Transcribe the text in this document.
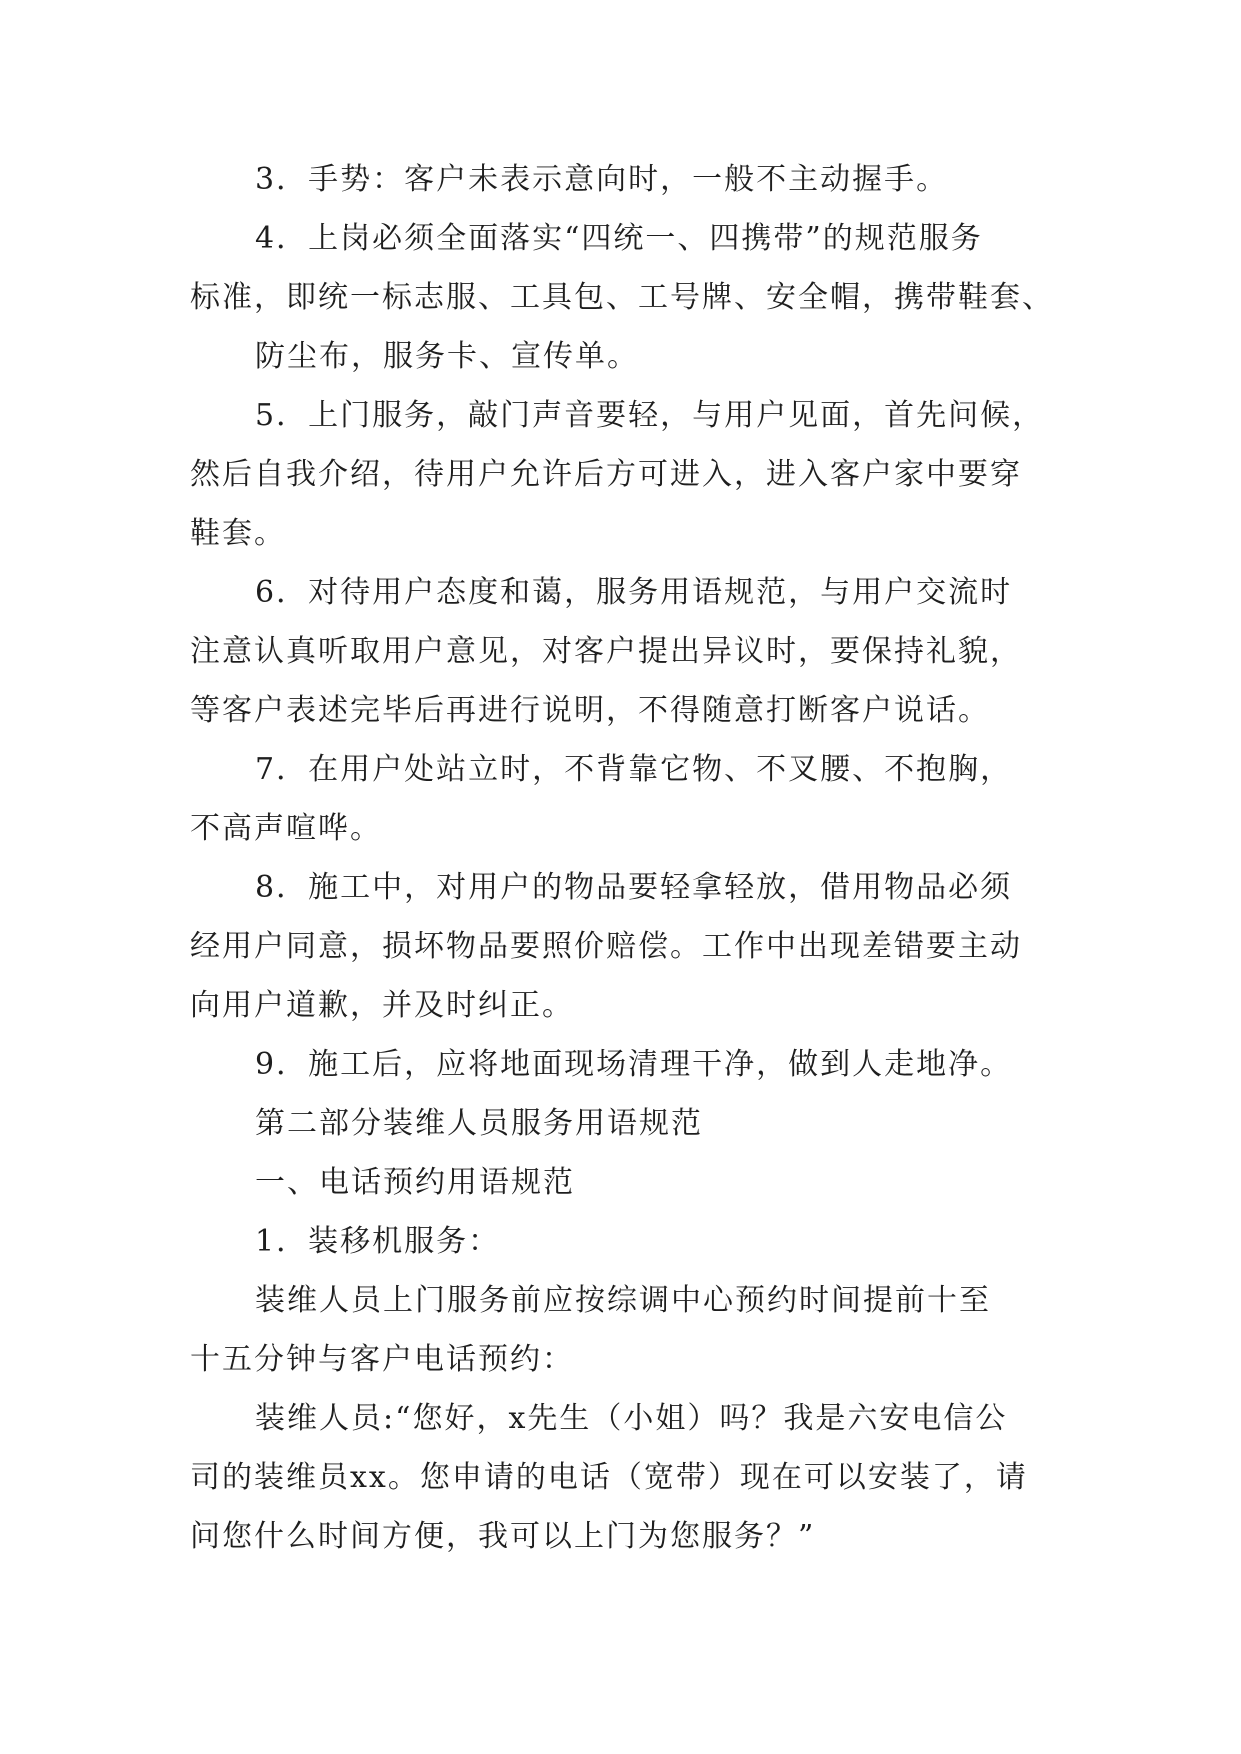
3．手势：客户未表示意向时，一般不主动握手。
4．上岗必须全面落实“四统一、四携带”的规范服务
标准，即统一标志服、工具包、工号牌、安全帽，携带鞋套、
防尘布，服务卡、宣传单。
5．上门服务，敲门声音要轻，与用户见面，首先问候，
然后自我介绍，待用户允许后方可进入，进入客户家中要穿
鞋套。
6．对待用户态度和蔼，服务用语规范，与用户交流时
注意认真听取用户意见，对客户提出异议时，要保持礼貌，
等客户表述完毕后再进行说明，不得随意打断客户说话。
7．在用户处站立时，不背靠它物、不叉腰、不抱胸，
不高声喧哗。
8．施工中，对用户的物品要轻拿轻放，借用物品必须
经用户同意，损坏物品要照价赔偿。工作中出现差错要主动
向用户道歉，并及时纠正。
9．施工后，应将地面现场清理干净，做到人走地净。
第二部分装维人员服务用语规范
一、电话预约用语规范
1．装移机服务：
装维人员上门服务前应按综调中心预约时间提前十至
十五分钟与客户电话预约：
装维人员:“您好，x先生（小姐）吗？我是六安电信公
司的装维员xx。您申请的电话（宽带）现在可以安装了，请
问您什么时间方便，我可以上门为您服务？”
